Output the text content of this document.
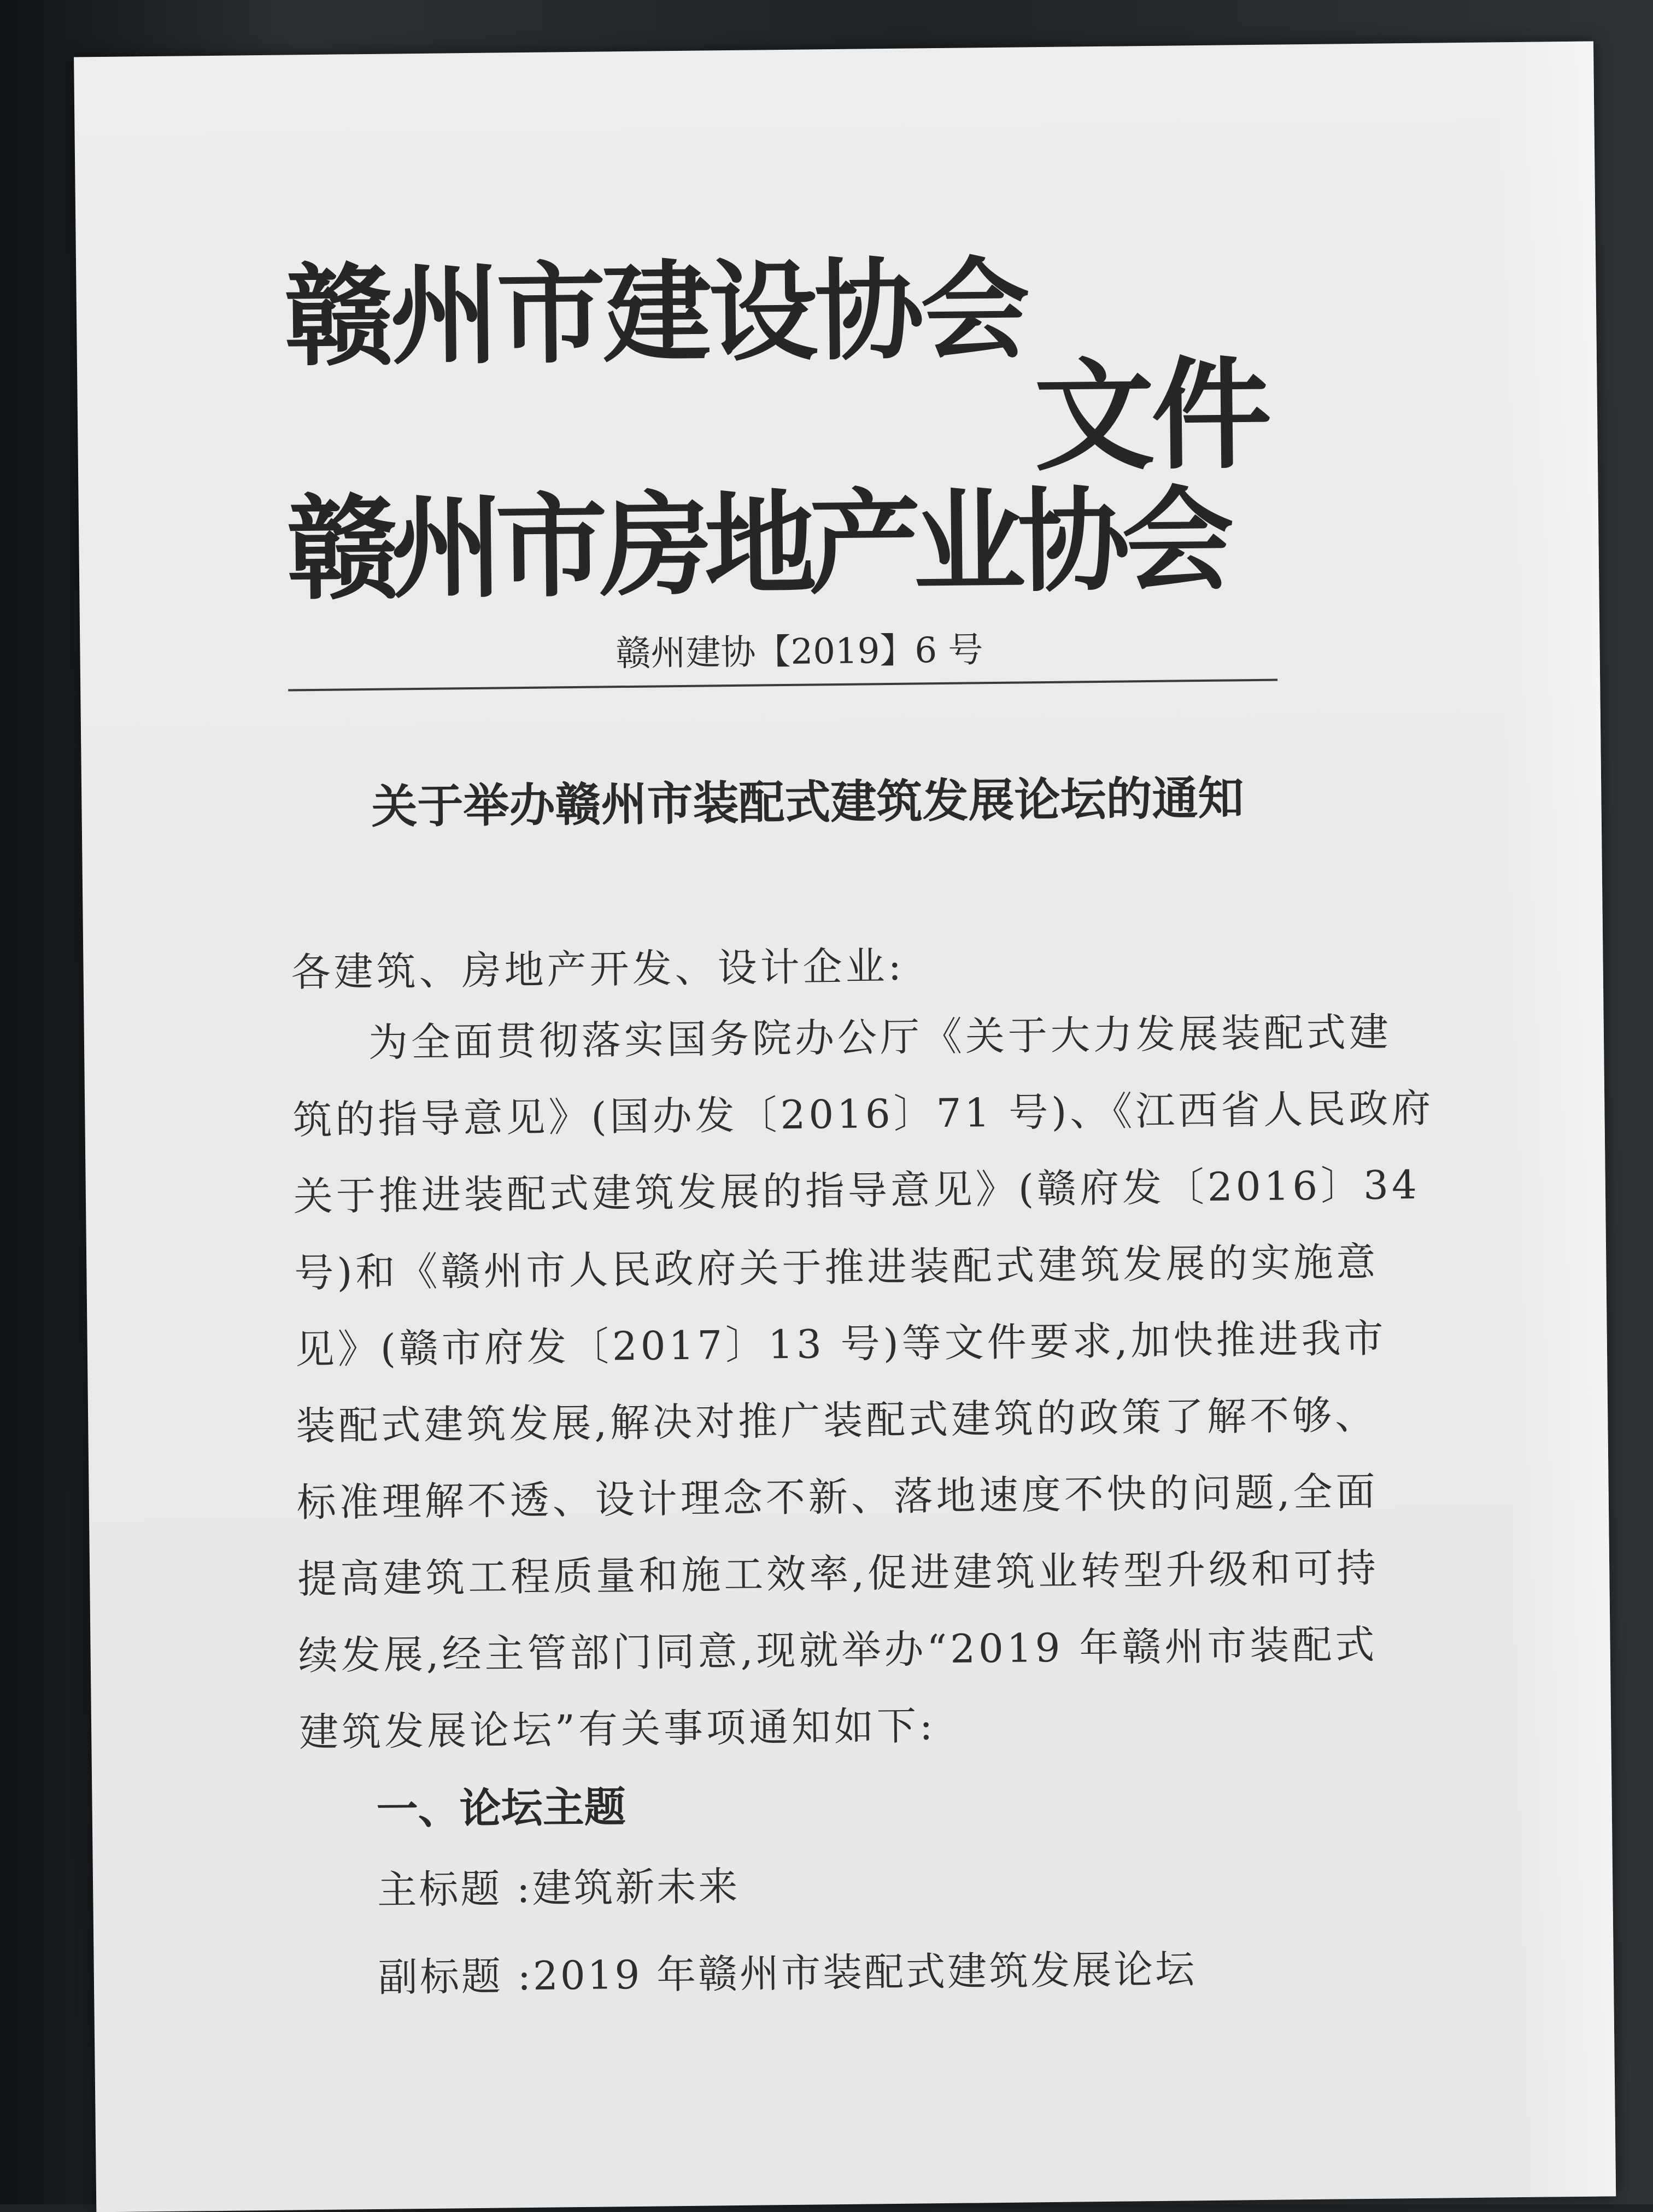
赣州市建设协会
文件
赣州市房地产业协会
赣州建协【2019】6 号
关于举办赣州市装配式建筑发展论坛的通知
各建筑、房地产开发、设计企业:
为全面贯彻落实国务院办公厅《关于大力发展装配式建
筑的指导意见》(国办发〔2016〕71 号)、《江西省人民政府
关于推进装配式建筑发展的指导意见》(赣府发〔2016〕34
号)和《赣州市人民政府关于推进装配式建筑发展的实施意
见》(赣市府发〔2017〕13 号)等文件要求,加快推进我市
装配式建筑发展,解决对推广装配式建筑的政策了解不够、
标准理解不透、设计理念不新、落地速度不快的问题,全面
提高建筑工程质量和施工效率,促进建筑业转型升级和可持
续发展,经主管部门同意,现就举办“2019 年赣州市装配式
建筑发展论坛”有关事项通知如下:
一、论坛主题
主标题 :建筑新未来
副标题 :2019 年赣州市装配式建筑发展论坛
